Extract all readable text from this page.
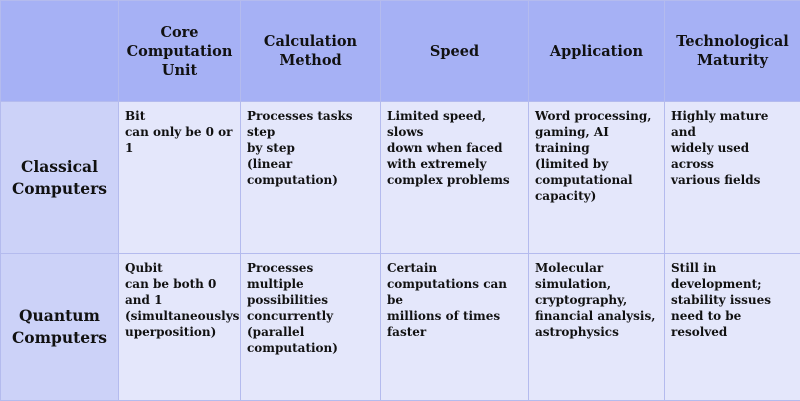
	Core
Computation
Unit	Calculation
Method	Speed	Application	Technological
Maturity

Classical
Computers	Bit
can only be 0 or 1	Processes tasks step
by step
(linear
computation)	Limited speed, slows
down when faced
with extremely
complex problems	Word processing,
gaming, AI training
(limited by
computational
capacity)	Highly mature and
widely used across
various fields

Quantum
Computers	Qubit
can be both 0
and 1
(simultaneouslys
uperposition)	Processes multiple
possibilities
concurrently
(parallel
computation)	Certain
computations can be
millions of times
faster	Molecular
simulation,
cryptography,
financial analysis,
astrophysics	Still in
development;
stability issues
need to be resolved
